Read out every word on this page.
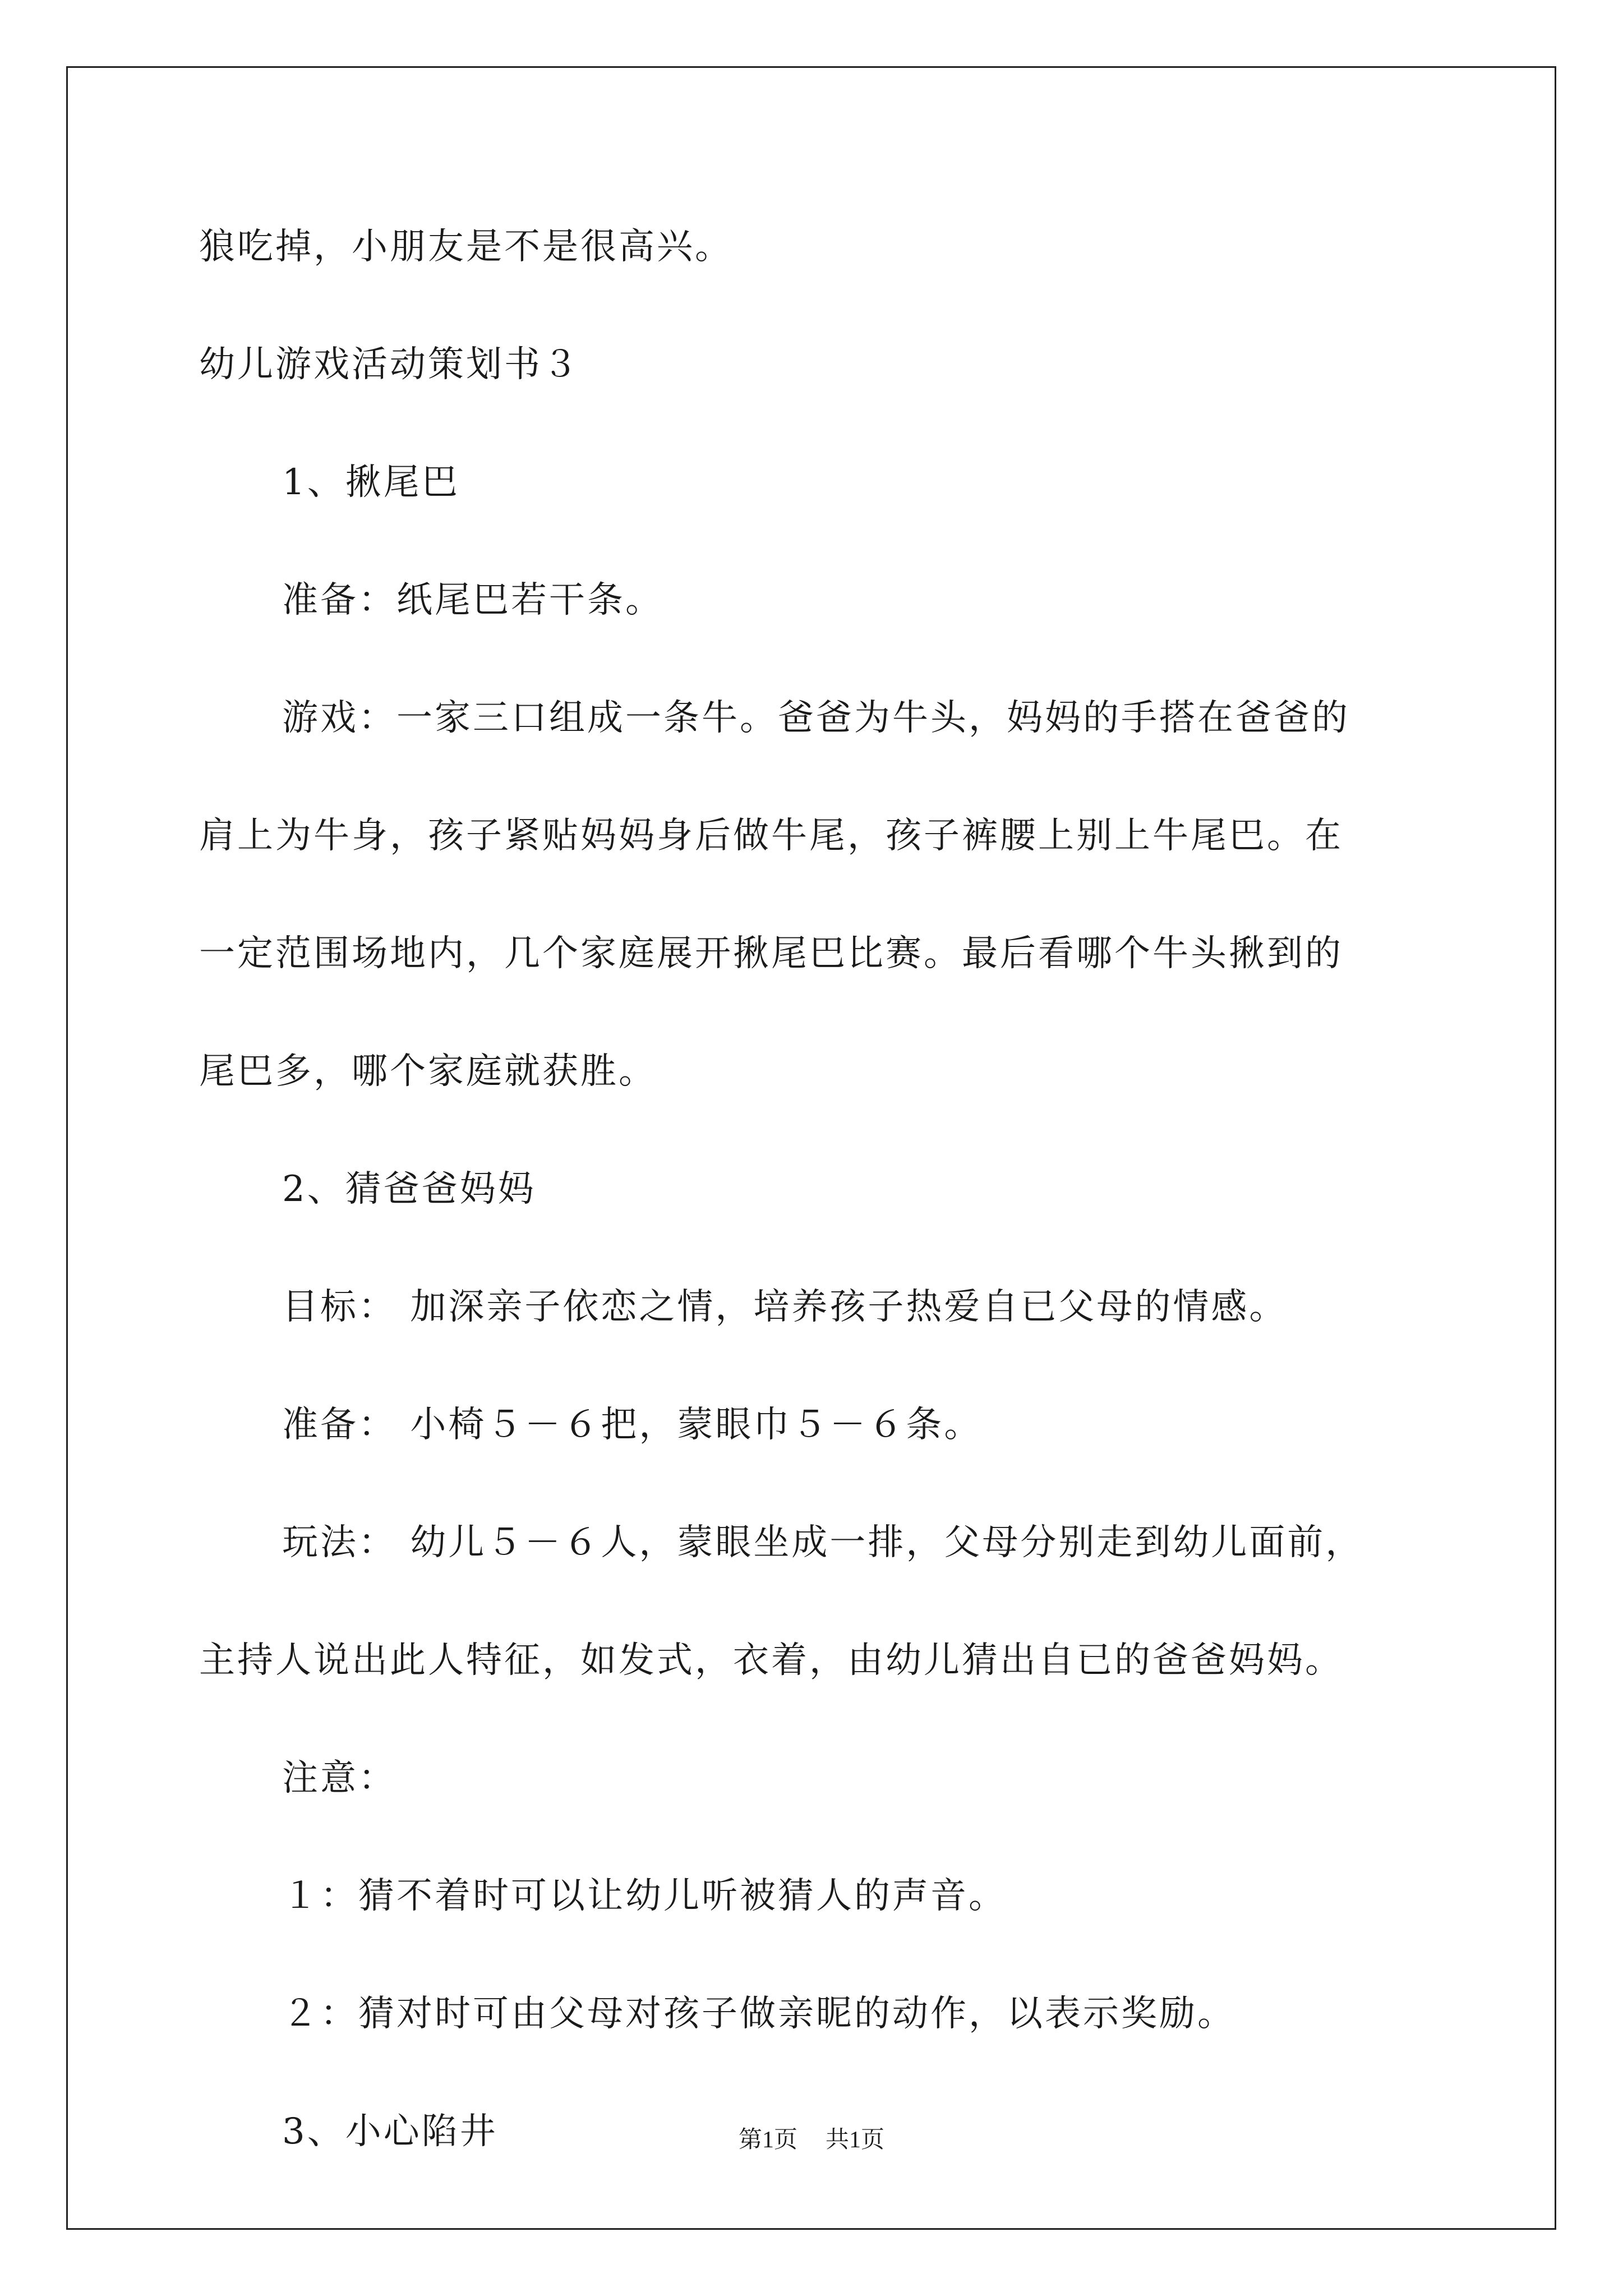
狼吃掉，小朋友是不是很高兴。
幼儿游戏活动策划书３
1、揪尾巴
准备：纸尾巴若干条。
游戏：一家三口组成一条牛。爸爸为牛头，妈妈的手搭在爸爸的
肩上为牛身，孩子紧贴妈妈身后做牛尾，孩子裤腰上别上牛尾巴。在
一定范围场地内，几个家庭展开揪尾巴比赛。最后看哪个牛头揪到的
尾巴多，哪个家庭就获胜。
2、猜爸爸妈妈
目标： 加深亲子依恋之情，培养孩子热爱自已父母的情感。
准备： 小椅５－６把，蒙眼巾５－６条。
玩法： 幼儿５－６人，蒙眼坐成一排，父母分别走到幼儿面前，
主持人说出此人特征，如发式，衣着，由幼儿猜出自已的爸爸妈妈。
注意：
１：猜不着时可以让幼儿听被猜人的声音。
２：猜对时可由父母对孩子做亲昵的动作，以表示奖励。
3、小心陷井	第1页 共1页
